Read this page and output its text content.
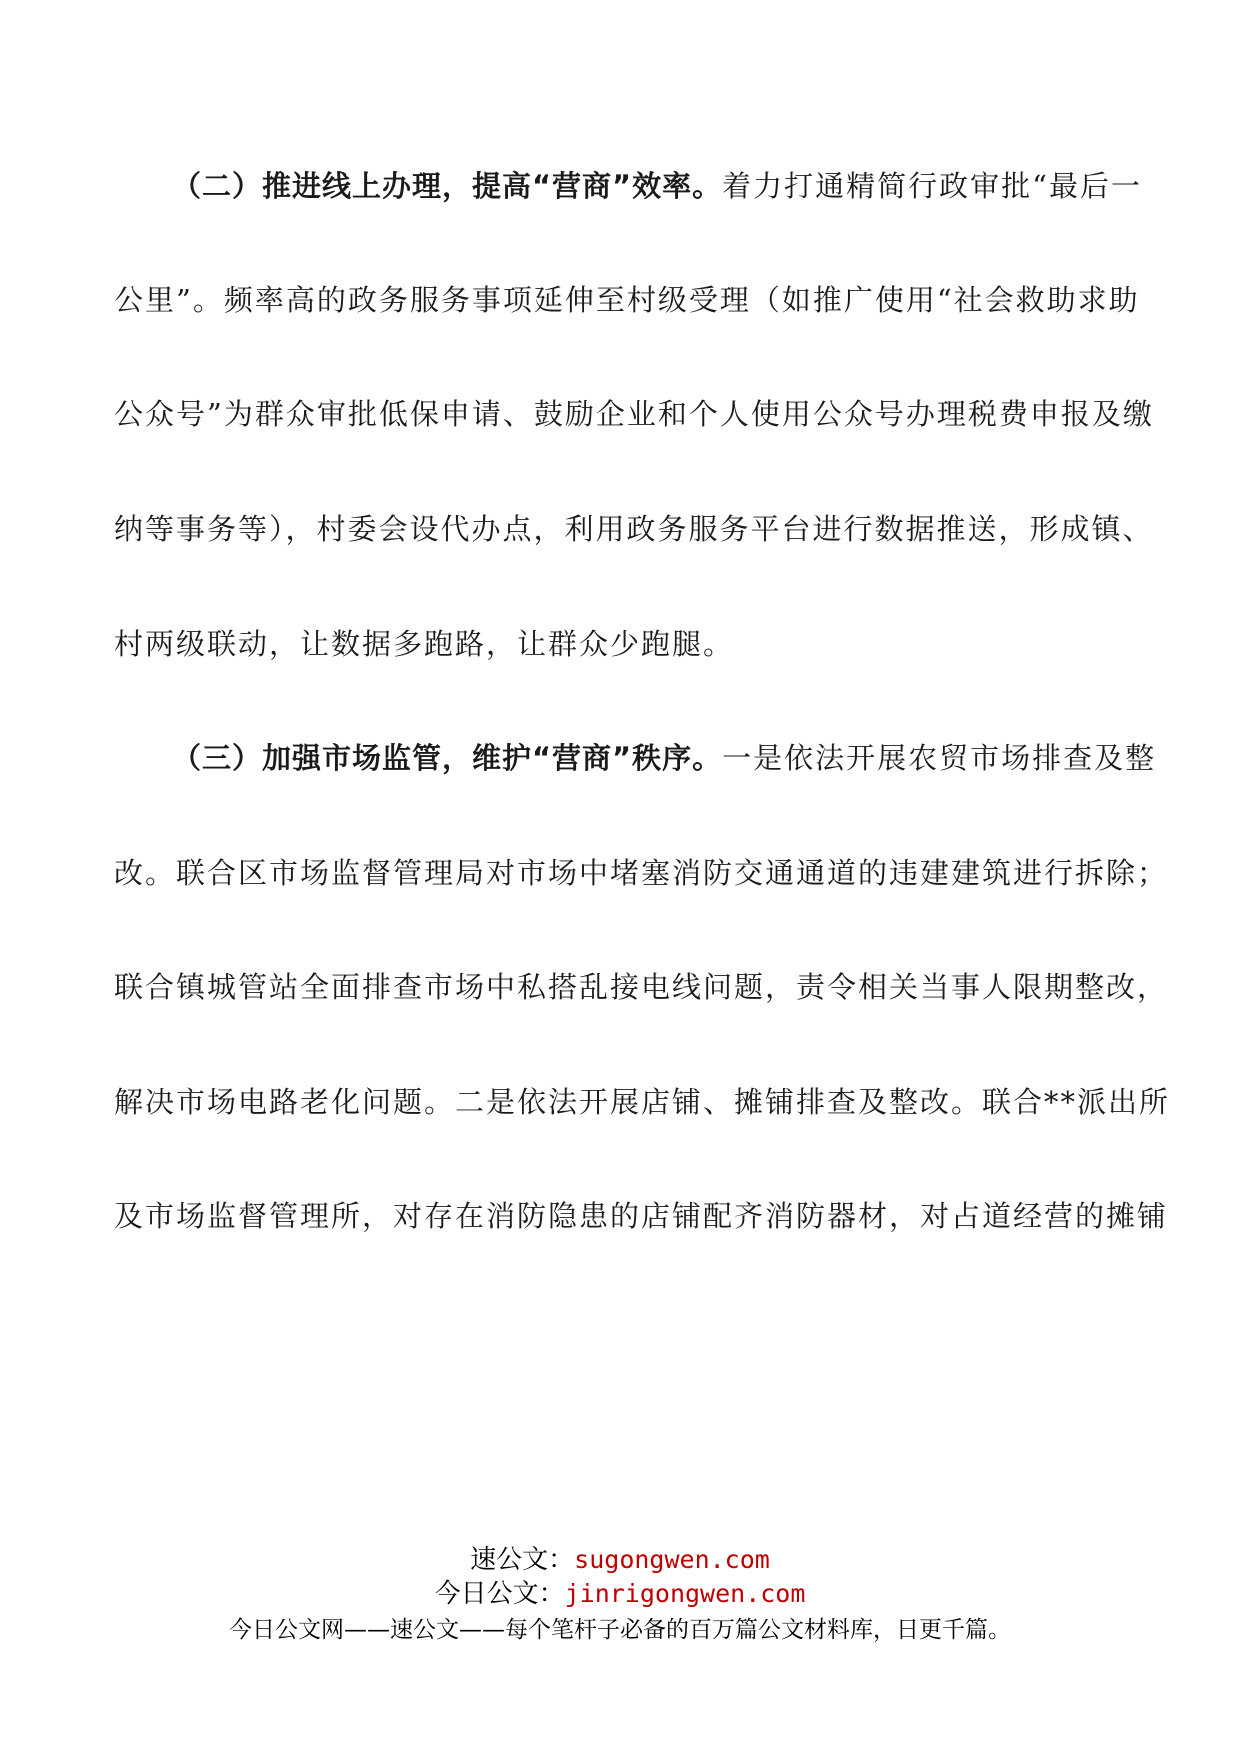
（二）推进线上办理，提高“营商”效率。着力打通精简行政审批“最后一
公里”。频率高的政务服务事项延伸至村级受理（如推广使用“社会救助求助
公众号”为群众审批低保申请、鼓励企业和个人使用公众号办理税费申报及缴
纳等事务等），村委会设代办点，利用政务服务平台进行数据推送，形成镇、
村两级联动，让数据多跑路，让群众少跑腿。
（三）加强市场监管，维护“营商”秩序。一是依法开展农贸市场排查及整
改。联合区市场监督管理局对市场中堵塞消防交通通道的违建建筑进行拆除；
联合镇城管站全面排查市场中私搭乱接电线问题，责令相关当事人限期整改，
解决市场电路老化问题。二是依法开展店铺、摊铺排查及整改。联合**派出所
及市场监督管理所，对存在消防隐患的店铺配齐消防器材，对占道经营的摊铺
速公文：sugongwen.com
今日公文：jinrigongwen.com
今日公文网——速公文——每个笔杆子必备的百万篇公文材料库，日更千篇。
